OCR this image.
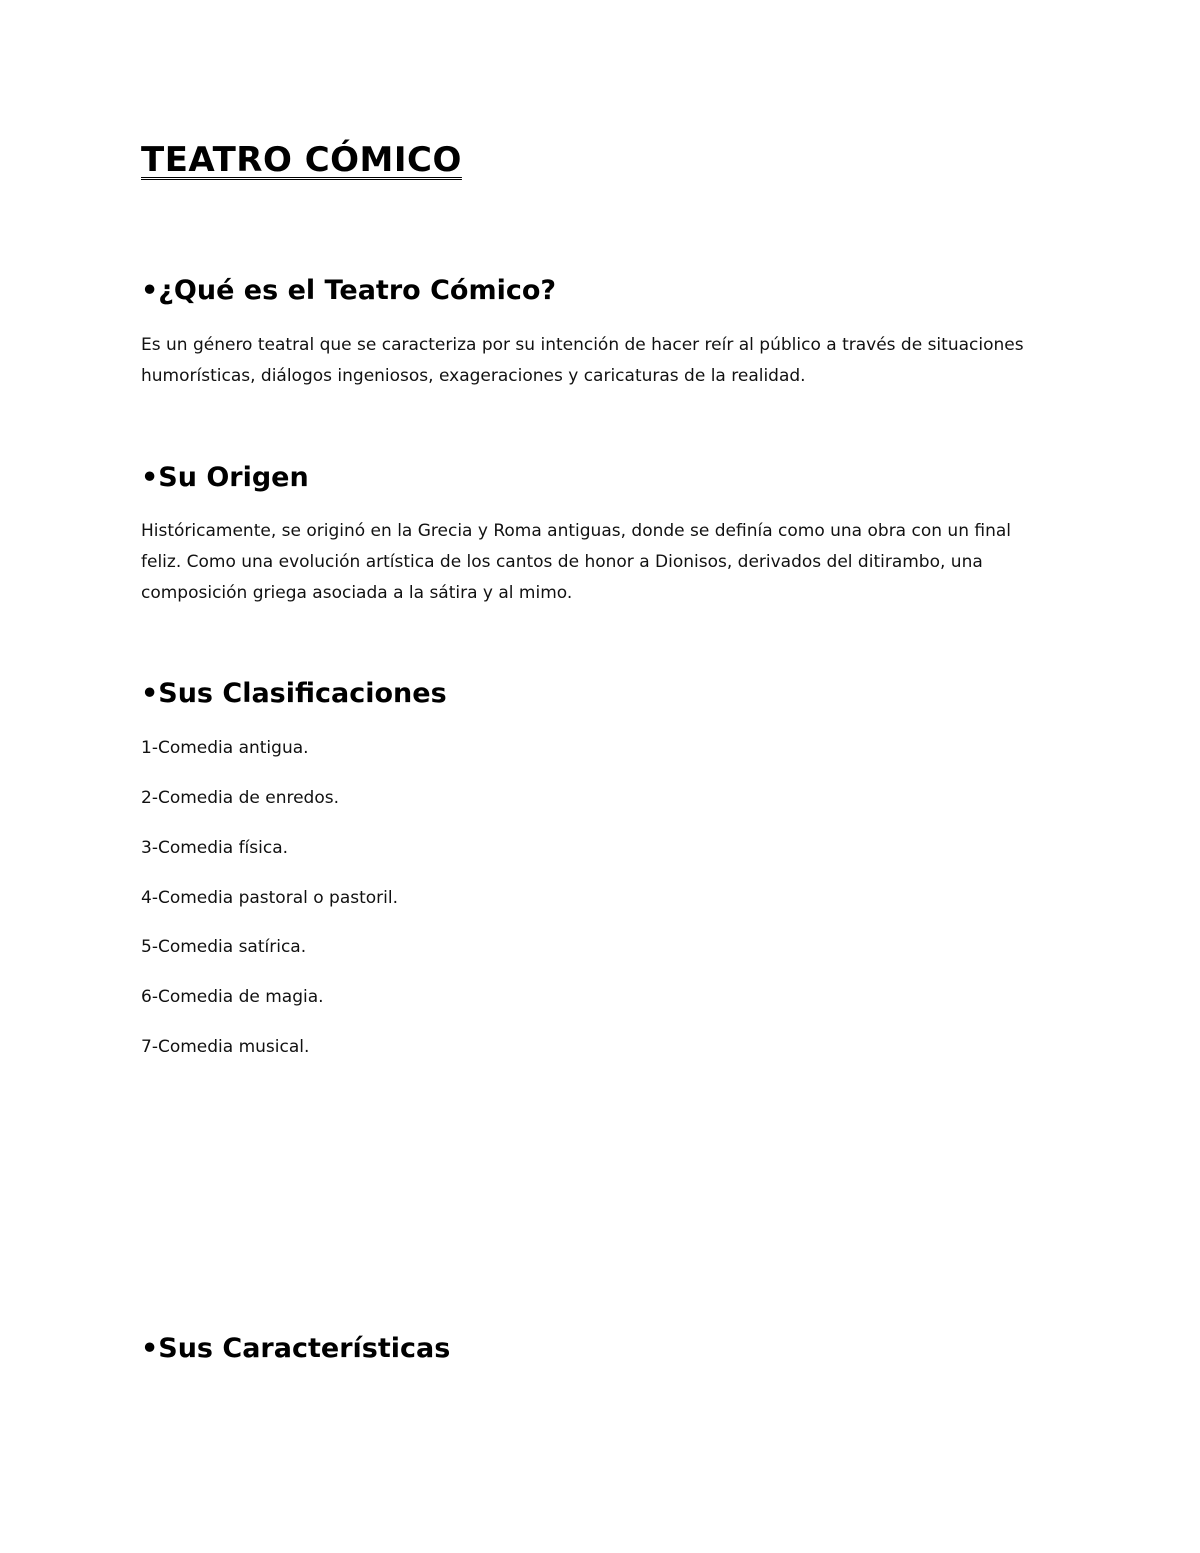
TEATRO CÓMICO
•¿Qué es el Teatro Cómico?

Es un género teatral que se caracteriza por su intención de hacer reír al público a través de situaciones
humorísticas, diálogos ingeniosos, exageraciones y caricaturas de la realidad.

•Su Origen

Históricamente, se originó en la Grecia y Roma antiguas, donde se definía como una obra con un final
feliz. Como una evolución artística de los cantos de honor a Dionisos, derivados del ditirambo, una
composición griega asociada a la sátira y al mimo.

•Sus Clasificaciones

1-Comedia antigua.

2-Comedia de enredos.

3-Comedia física.

4-Comedia pastoral o pastoril.

5-Comedia satírica.

6-Comedia de magia.

7-Comedia musical.

•Sus Características
